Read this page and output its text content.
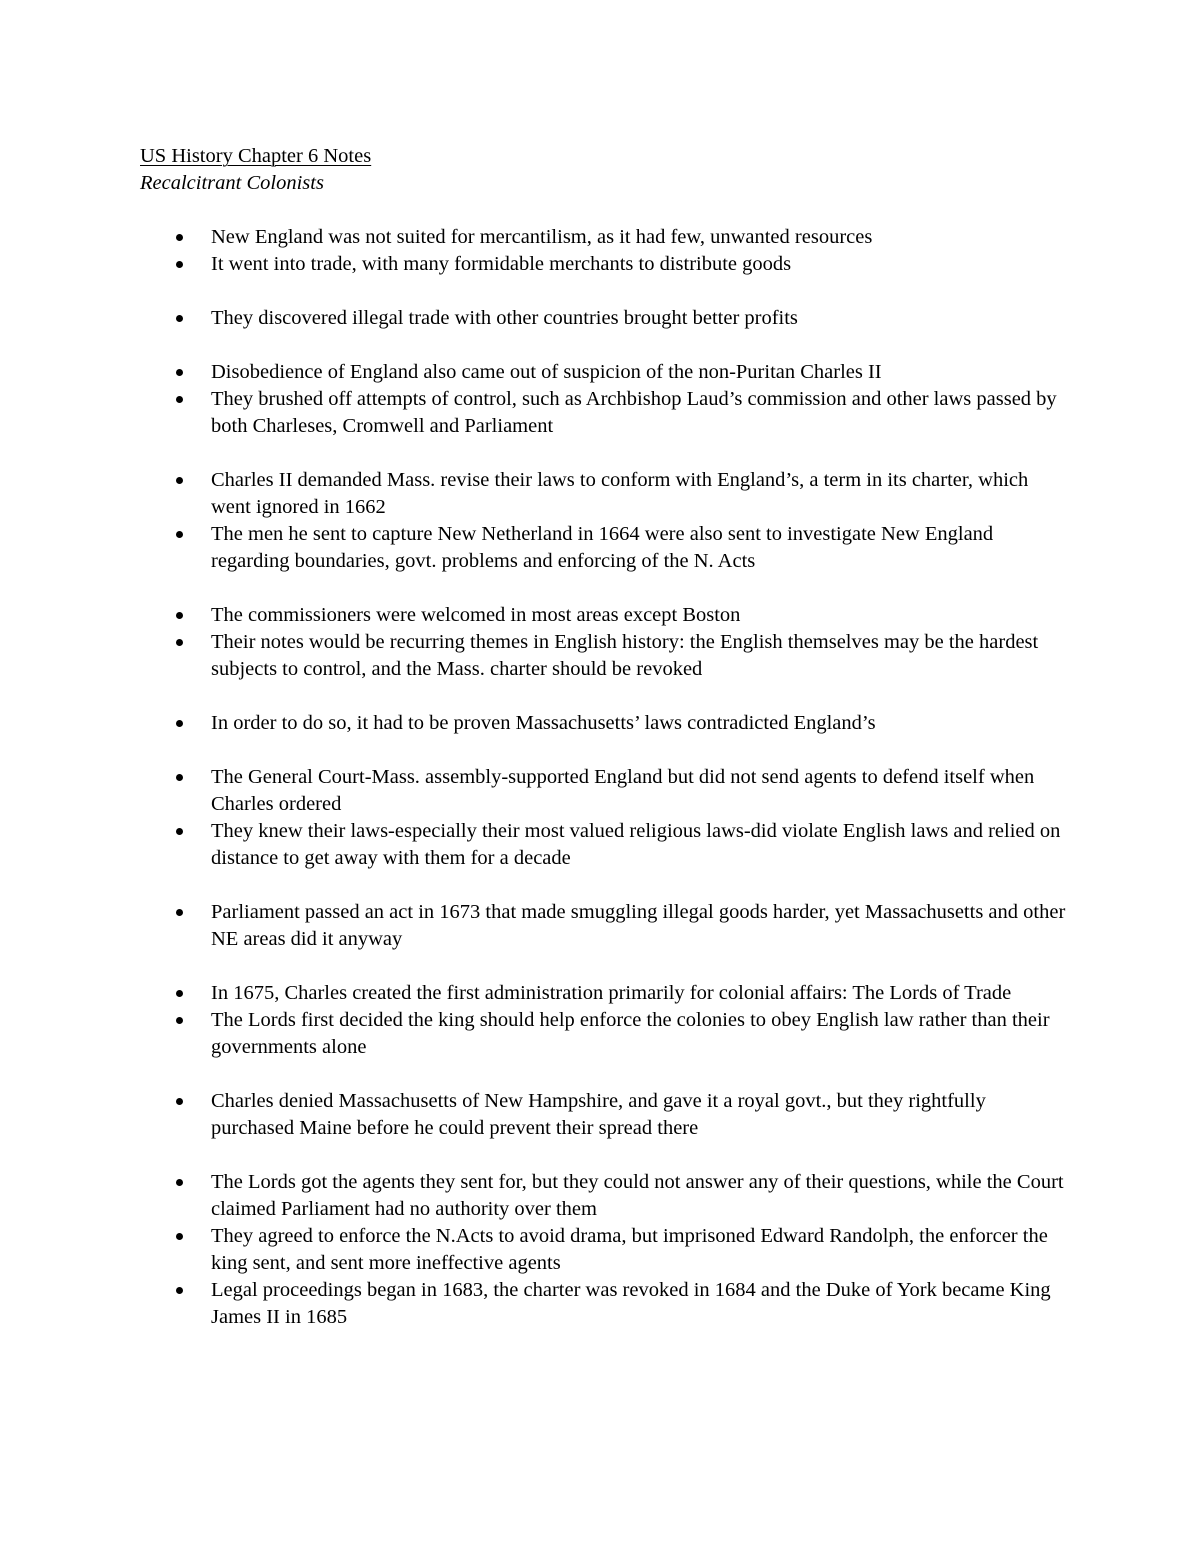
US History Chapter 6 Notes

Recalcitrant Colonists

New England was not suited for mercantilism, as it had few, unwanted resources
It went into trade, with many formidable merchants to distribute goods
They discovered illegal trade with other countries brought better profits
Disobedience of England also came out of suspicion of the non-Puritan Charles II
They brushed off attempts of control, such as Archbishop Laud’s commission and other laws passed by both Charleses, Cromwell and Parliament
Charles II demanded Mass. revise their laws to conform with England’s, a term in its charter, which went ignored in 1662
The men he sent to capture New Netherland in 1664 were also sent to investigate New England regarding boundaries, govt. problems and enforcing of the N. Acts
The commissioners were welcomed in most areas except Boston
Their notes would be recurring themes in English history: the English themselves may be the hardest subjects to control, and the Mass. charter should be revoked
In order to do so, it had to be proven Massachusetts’ laws contradicted England’s
The General Court-Mass. assembly-supported England but did not send agents to defend itself when Charles ordered
They knew their laws-especially their most valued religious laws-did violate English laws and relied on distance to get away with them for a decade
Parliament passed an act in 1673 that made smuggling illegal goods harder, yet Massachusetts and other NE areas did it anyway
In 1675, Charles created the first administration primarily for colonial affairs: The Lords of Trade
The Lords first decided the king should help enforce the colonies to obey English law rather than their governments alone
Charles denied Massachusetts of New Hampshire, and gave it a royal govt., but they rightfully purchased Maine before he could prevent their spread there
The Lords got the agents they sent for, but they could not answer any of their questions, while the Court claimed Parliament had no authority over them
They agreed to enforce the N.Acts to avoid drama, but imprisoned Edward Randolph, the enforcer the king sent, and sent more ineffective agents
Legal proceedings began in 1683, the charter was revoked in 1684 and the Duke of York became King James II in 1685
